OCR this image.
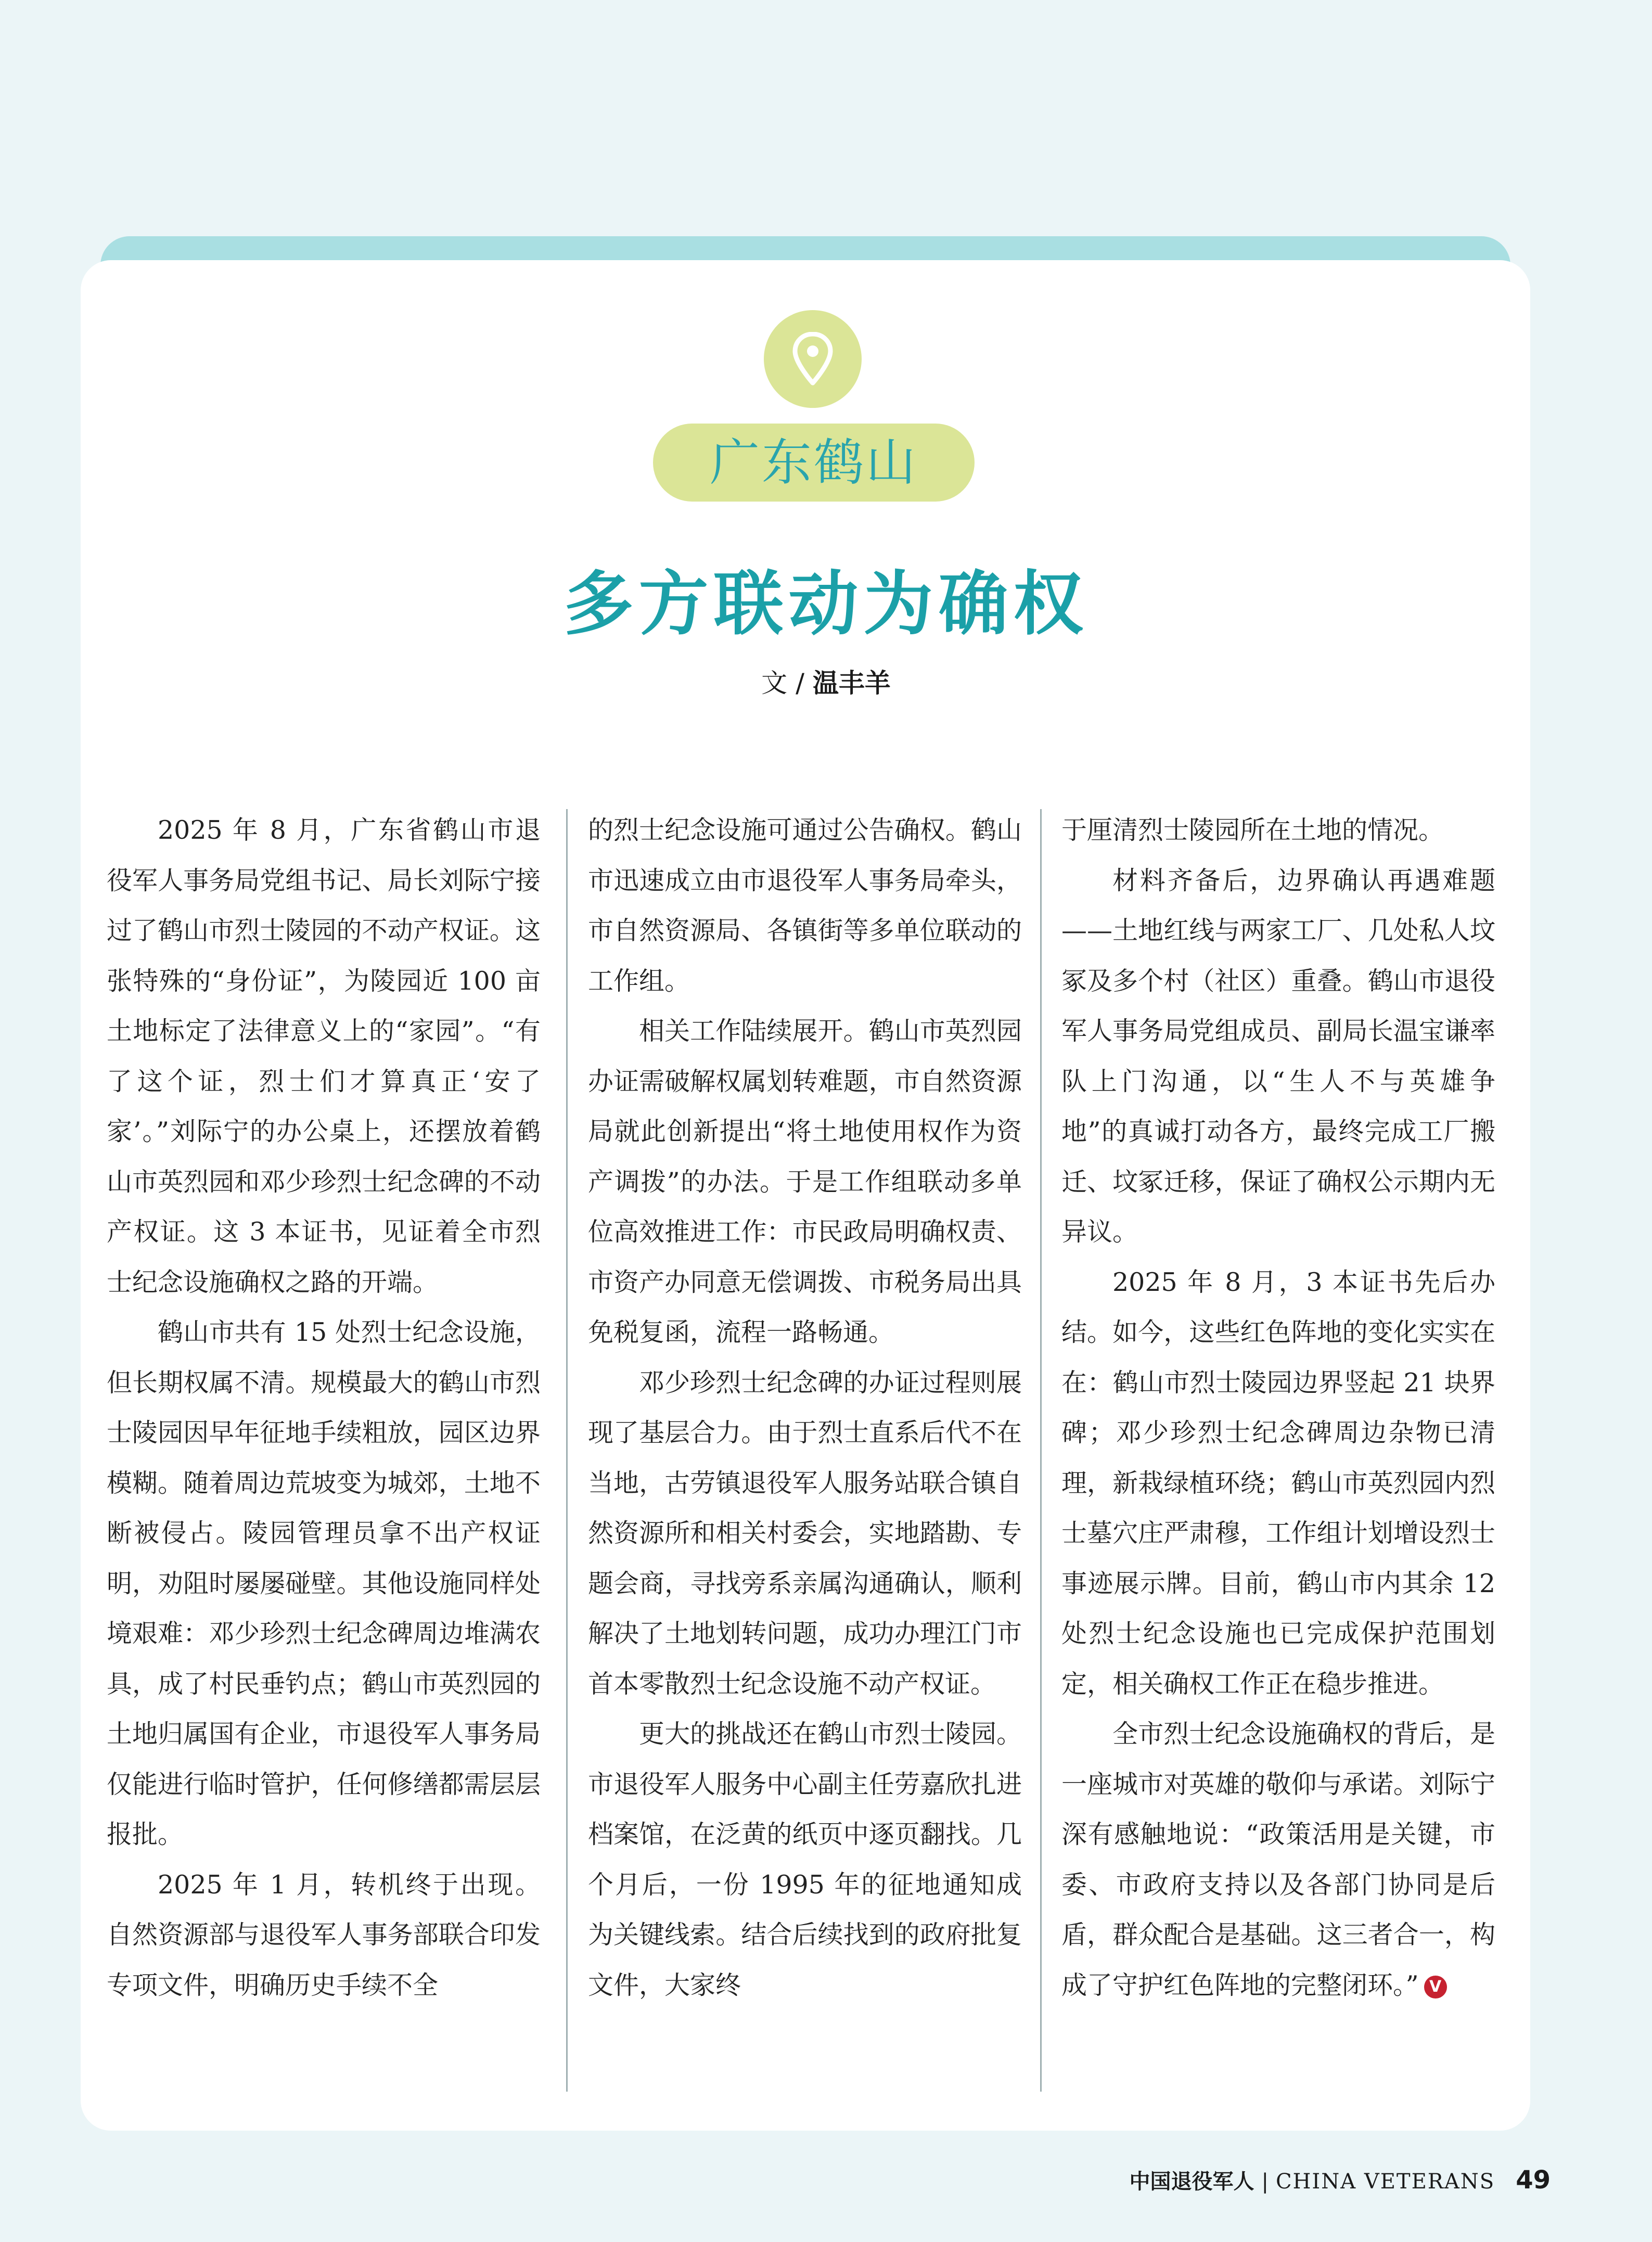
广东鹤山
多方联动为确权
文 / 温丰羊

2025 年 8 月，广东省鹤山市退役军人事务局党组书记、局长刘际宁接过了鹤山市烈士陵园的不动产权证。这张特殊的“身份证”，为陵园近 100 亩土地标定了法律意义上的“家园”。“有了这个证，烈士们才算真正‘安了家’。”刘际宁的办公桌上，还摆放着鹤山市英烈园和邓少珍烈士纪念碑的不动产权证。这 3 本证书，见证着全市烈士纪念设施确权之路的开端。

鹤山市共有 15 处烈士纪念设施，但长期权属不清。规模最大的鹤山市烈士陵园因早年征地手续粗放，园区边界模糊。随着周边荒坡变为城郊，土地不断被侵占。陵园管理员拿不出产权证明，劝阻时屡屡碰壁。其他设施同样处境艰难：邓少珍烈士纪念碑周边堆满农具，成了村民垂钓点；鹤山市英烈园的土地归属国有企业，市退役军人事务局仅能进行临时管护，任何修缮都需层层报批。

2025 年 1 月，转机终于出现。自然资源部与退役军人事务部联合印发专项文件，明确历史手续不全

的烈士纪念设施可通过公告确权。鹤山市迅速成立由市退役军人事务局牵头，市自然资源局、各镇街等多单位联动的工作组。

相关工作陆续展开。鹤山市英烈园办证需破解权属划转难题，市自然资源局就此创新提出“将土地使用权作为资产调拨”的办法。于是工作组联动多单位高效推进工作：市民政局明确权责、市资产办同意无偿调拨、市税务局出具免税复函，流程一路畅通。

邓少珍烈士纪念碑的办证过程则展现了基层合力。由于烈士直系后代不在当地，古劳镇退役军人服务站联合镇自然资源所和相关村委会，实地踏勘、专题会商，寻找旁系亲属沟通确认，顺利解决了土地划转问题，成功办理江门市首本零散烈士纪念设施不动产权证。

更大的挑战还在鹤山市烈士陵园。市退役军人服务中心副主任劳嘉欣扎进档案馆，在泛黄的纸页中逐页翻找。几个月后，一份 1995 年的征地通知成为关键线索。结合后续找到的政府批复文件，大家终

于厘清烈士陵园所在土地的情况。

材料齐备后，边界确认再遇难题——土地红线与两家工厂、几处私人坟冢及多个村（社区）重叠。鹤山市退役军人事务局党组成员、副局长温宝谦率队上门沟通，以“生人不与英雄争地”的真诚打动各方，最终完成工厂搬迁、坟冢迁移，保证了确权公示期内无异议。

2025 年 8 月，3 本证书先后办结。如今，这些红色阵地的变化实实在在：鹤山市烈士陵园边界竖起 21 块界碑；邓少珍烈士纪念碑周边杂物已清理，新栽绿植环绕；鹤山市英烈园内烈士墓穴庄严肃穆，工作组计划增设烈士事迹展示牌。目前，鹤山市内其余 12 处烈士纪念设施也已完成保护范围划定，相关确权工作正在稳步推进。

全市烈士纪念设施确权的背后，是一座城市对英雄的敬仰与承诺。刘际宁深有感触地说：“政策活用是关键，市委、市政府支持以及各部门协同是后盾，群众配合是基础。这三者合一，构成了守护红色阵地的完整闭环。” V

中国退役军人 | CHINA VETERANS 49
